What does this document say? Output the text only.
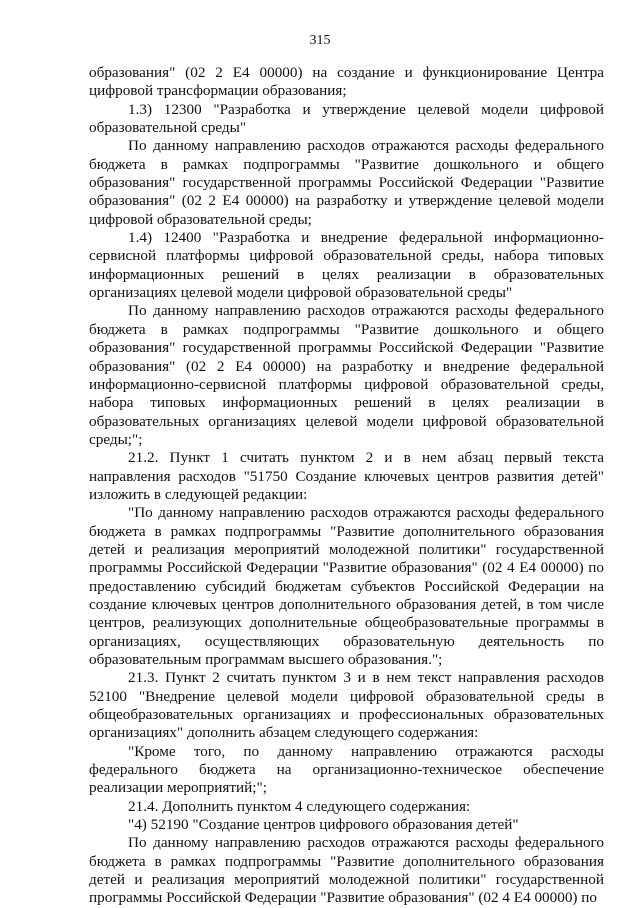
315

образования" (02 2 Е4 00000) на создание и функционирование Центра цифровой трансформации образования;

1.3) 12300 "Разработка и утверждение целевой модели цифровой образовательной среды"

По данному направлению расходов отражаются расходы федерального бюджета в рамках подпрограммы "Развитие дошкольного и общего образования" государственной программы Российской Федерации "Развитие образования" (02 2 Е4 00000) на разработку и утверждение целевой модели цифровой образовательной среды;

1.4) 12400 "Разработка и внедрение федеральной информационно-сервисной платформы цифровой образовательной среды, набора типовых информационных решений в целях реализации в образовательных организациях целевой модели цифровой образовательной среды"

По данному направлению расходов отражаются расходы федерального бюджета в рамках подпрограммы "Развитие дошкольного и общего образования" государственной программы Российской Федерации "Развитие образования" (02 2 Е4 00000) на разработку и внедрение федеральной информационно-сервисной платформы цифровой образовательной среды, набора типовых информационных решений в целях реализации в образовательных организациях целевой модели цифровой образовательной среды;";

21.2. Пункт 1 считать пунктом 2 и в нем абзац первый текста направления расходов "51750 Создание ключевых центров развития детей" изложить в следующей редакции:

"По данному направлению расходов отражаются расходы федерального бюджета в рамках подпрограммы "Развитие дополнительного образования детей и реализация мероприятий молодежной политики" государственной программы Российской Федерации "Развитие образования" (02 4 Е4 00000) по предоставлению субсидий бюджетам субъектов Российской Федерации на создание ключевых центров дополнительного образования детей, в том числе центров, реализующих дополнительные общеобразовательные программы в организациях, осуществляющих образовательную деятельность по образовательным программам высшего образования.";

21.3. Пункт 2 считать пунктом 3 и в нем текст направления расходов 52100 "Внедрение целевой модели цифровой образовательной среды в общеобразовательных организациях и профессиональных образовательных организациях" дополнить абзацем следующего содержания:

"Кроме того, по данному направлению отражаются расходы федерального бюджета на организационно-техническое обеспечение реализации мероприятий;";

21.4. Дополнить пунктом 4 следующего содержания:

"4) 52190 "Создание центров цифрового образования детей"

По данному направлению расходов отражаются расходы федерального бюджета в рамках подпрограммы "Развитие дополнительного образования детей и реализация мероприятий молодежной политики" государственной программы Российской Федерации "Развитие образования" (02 4 Е4 00000) по
